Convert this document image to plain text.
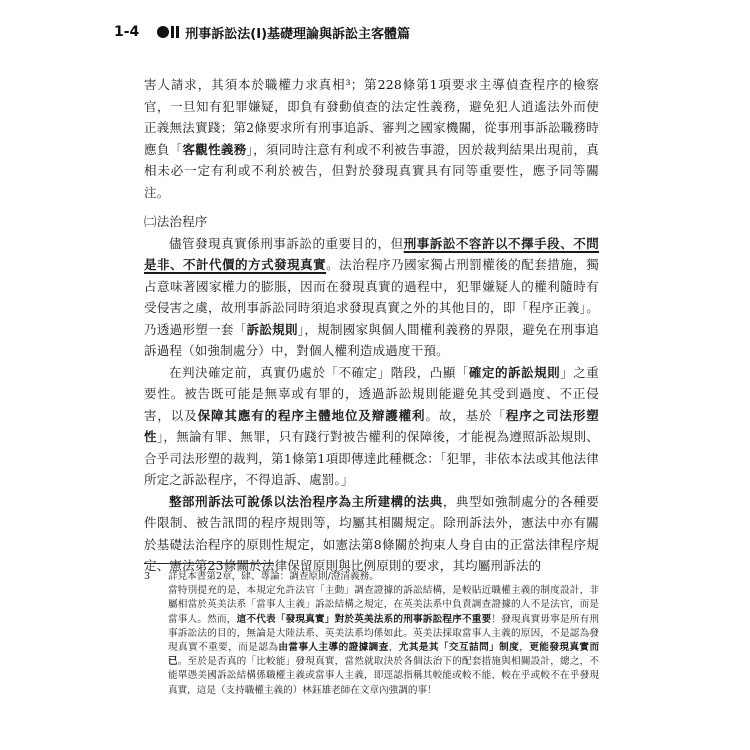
1-4	刑事訴訟法(Ⅰ)基礎理論與訴訟主客體篇

害人請求，其須本於職權力求真相³；第228條第1項要求主導偵查程序的檢察官，一旦知有犯罪嫌疑，即負有發動偵查的法定性義務，避免犯人逍遙法外而使正義無法實踐；第2條要求所有刑事追訴、審判之國家機關，從事刑事訴訟職務時應負「客觀性義務」，須同時注意有利或不利被告事證，因於裁判結果出現前，真相未必一定有利或不利於被告，但對於發現真實具有同等重要性，應予同等關注。

㈡法治程序

儘管發現真實係刑事訴訟的重要目的，但刑事訴訟不容許以不擇手段、不問是非、不計代價的方式發現真實。法治程序乃國家獨占刑罰權後的配套措施，獨占意味著國家權力的膨脹，因而在發現真實的過程中，犯罪嫌疑人的權利隨時有受侵害之虞，故刑事訴訟同時須追求發現真實之外的其他目的，即「程序正義」。乃透過形塑一套「訴訟規則」，規制國家與個人間權利義務的界限，避免在刑事追訴過程（如強制處分）中，對個人權利造成過度干預。

在判決確定前，真實仍處於「不確定」階段，凸顯「確定的訴訟規則」之重要性。被告既可能是無辜或有罪的，透過訴訟規則能避免其受到過度、不正侵害，以及保障其應有的程序主體地位及辯護權利。故，基於「程序之司法形塑性」，無論有罪、無罪，只有踐行對被告權利的保障後，才能視為遵照訴訟規則、合乎司法形塑的裁判，第1條第1項即傳達此種概念：「犯罪，非依本法或其他法律所定之訴訟程序，不得追訴、處罰。」

整部刑訴法可說係以法治程序為主所建構的法典，典型如強制處分的各種要件限制、被告訊問的程序規則等，均屬其相關規定。除刑訴法外，憲法中亦有關於基礎法治程序的原則性規定，如憲法第8條關於拘束人身自由的正當法律程序規定、憲法第23條關於法律保留原則與比例原則的要求，其均屬刑訴法的

3 詳見本書第2章，肆、專論：調查原則/澄清義務。
當特別提充的是，本規定允許法官「主動」調查證據的訴訟結構，是較貼近職權主義的制度設計，非屬相當於英美法系「當事人主義」訴訟結構之規定，在英美法系中負責調查證據的人不是法官，而是當事人。然而，這不代表「發現真實」對於英美法系的刑事訴訟程序不重要！發現真實毋寧是所有刑事訴訟法的目的，無論是大陸法系、英美法系均係如此。英美法採取當事人主義的原因，不是認為發現真實不重要，而是認為由當事人主導的證據調查，尤其是其「交互詰問」制度，更能發現真實而已。至於是否真的「比較能」發現真實，當然就取決於各個法治下的配套措施與相關設計，總之，不能單憑美國訴訟結構係職權主義或當事人主義，即逕認指稱其較能或較不能、較在乎或較不在乎發現真實，這是（支持職權主義的）林鈺雄老師在文章內強調的事！
